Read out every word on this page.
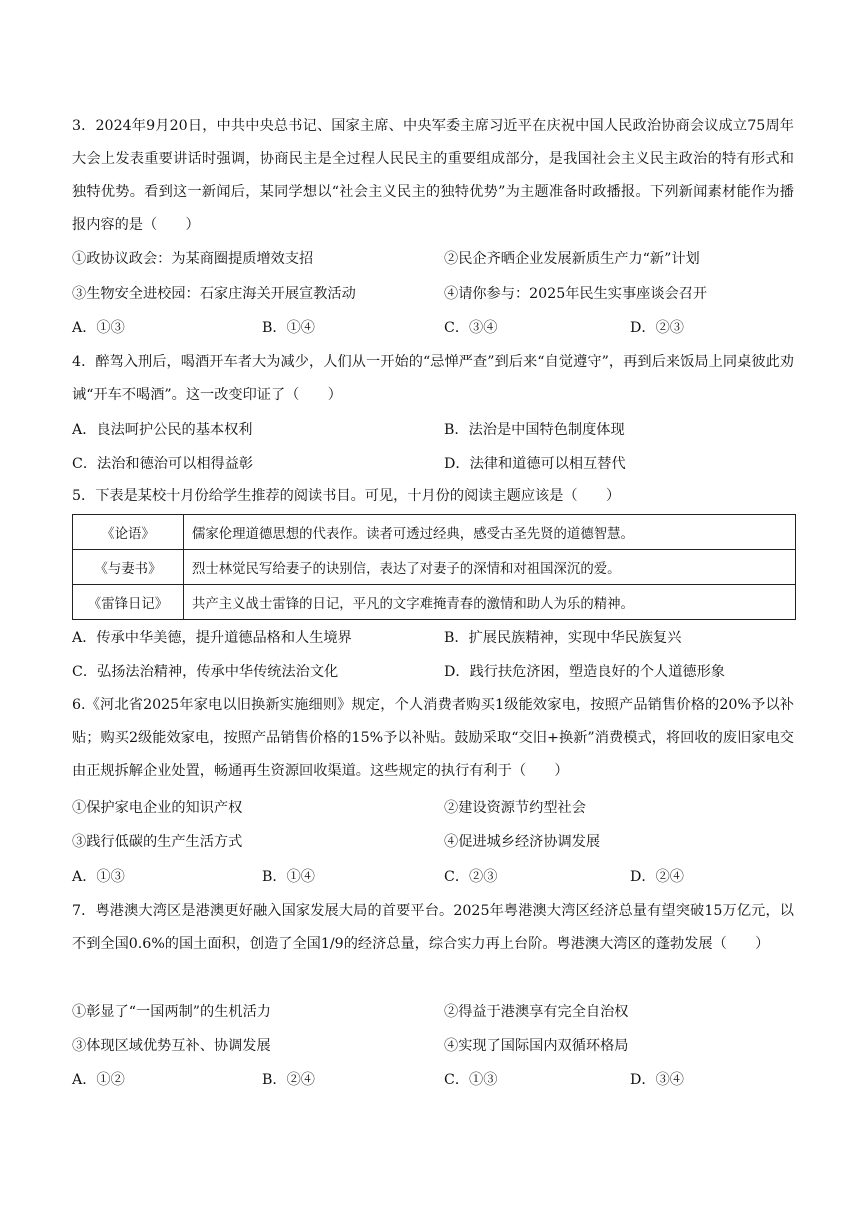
3．2024年9月20日，中共中央总书记、国家主席、中央军委主席习近平在庆祝中国人民政治协商会议成立75周年大会上发表重要讲话时强调，协商民主是全过程人民民主的重要组成部分，是我国社会主义民主政治的特有形式和独特优势。看到这一新闻后，某同学想以“社会主义民主的独特优势”为主题准备时政播报。下列新闻素材能作为播报内容的是（　　）
①政协议政会：为某商圈提质增效支招	②民企齐晒企业发展新质生产力“新”计划
③生物安全进校园：石家庄海关开展宣教活动	④请你参与：2025年民生实事座谈会召开
A．①③	B．①④	C．③④	D．②③
4．醉驾入刑后，喝酒开车者大为减少，人们从一开始的“忌惮严查”到后来“自觉遵守”，再到后来饭局上同桌彼此劝诫“开车不喝酒”。这一改变印证了（　　）
A．良法呵护公民的基本权利	B．法治是中国特色制度体现
C．法治和德治可以相得益彰	D．法律和道德可以相互替代
5．下表是某校十月份给学生推荐的阅读书目。可见，十月份的阅读主题应该是（　　）
《论语》	儒家伦理道德思想的代表作。读者可透过经典，感受古圣先贤的道德智慧。
《与妻书》	烈士林觉民写给妻子的诀别信，表达了对妻子的深情和对祖国深沉的爱。
《雷锋日记》	共产主义战士雷锋的日记，平凡的文字难掩青春的激情和助人为乐的精神。
A．传承中华美德，提升道德品格和人生境界	B．扩展民族精神，实现中华民族复兴
C．弘扬法治精神，传承中华传统法治文化	D．践行扶危济困，塑造良好的个人道德形象
6.《河北省2025年家电以旧换新实施细则》规定，个人消费者购买1级能效家电，按照产品销售价格的20%予以补贴；购买2级能效家电，按照产品销售价格的15%予以补贴。鼓励采取“交旧+换新”消费模式，将回收的废旧家电交由正规拆解企业处置，畅通再生资源回收渠道。这些规定的执行有利于（　　）
①保护家电企业的知识产权	②建设资源节约型社会
③践行低碳的生产生活方式	④促进城乡经济协调发展
A．①③	B．①④	C．②③	D．②④
7．粤港澳大湾区是港澳更好融入国家发展大局的首要平台。2025年粤港澳大湾区经济总量有望突破15万亿元，以不到全国0.6%的国土面积，创造了全国1/9的经济总量，综合实力再上台阶。粤港澳大湾区的蓬勃发展（　　）
①彰显了“一国两制”的生机活力	②得益于港澳享有完全自治权
③体现区域优势互补、协调发展	④实现了国际国内双循环格局
A．①②	B．②④	C．①③	D．③④
